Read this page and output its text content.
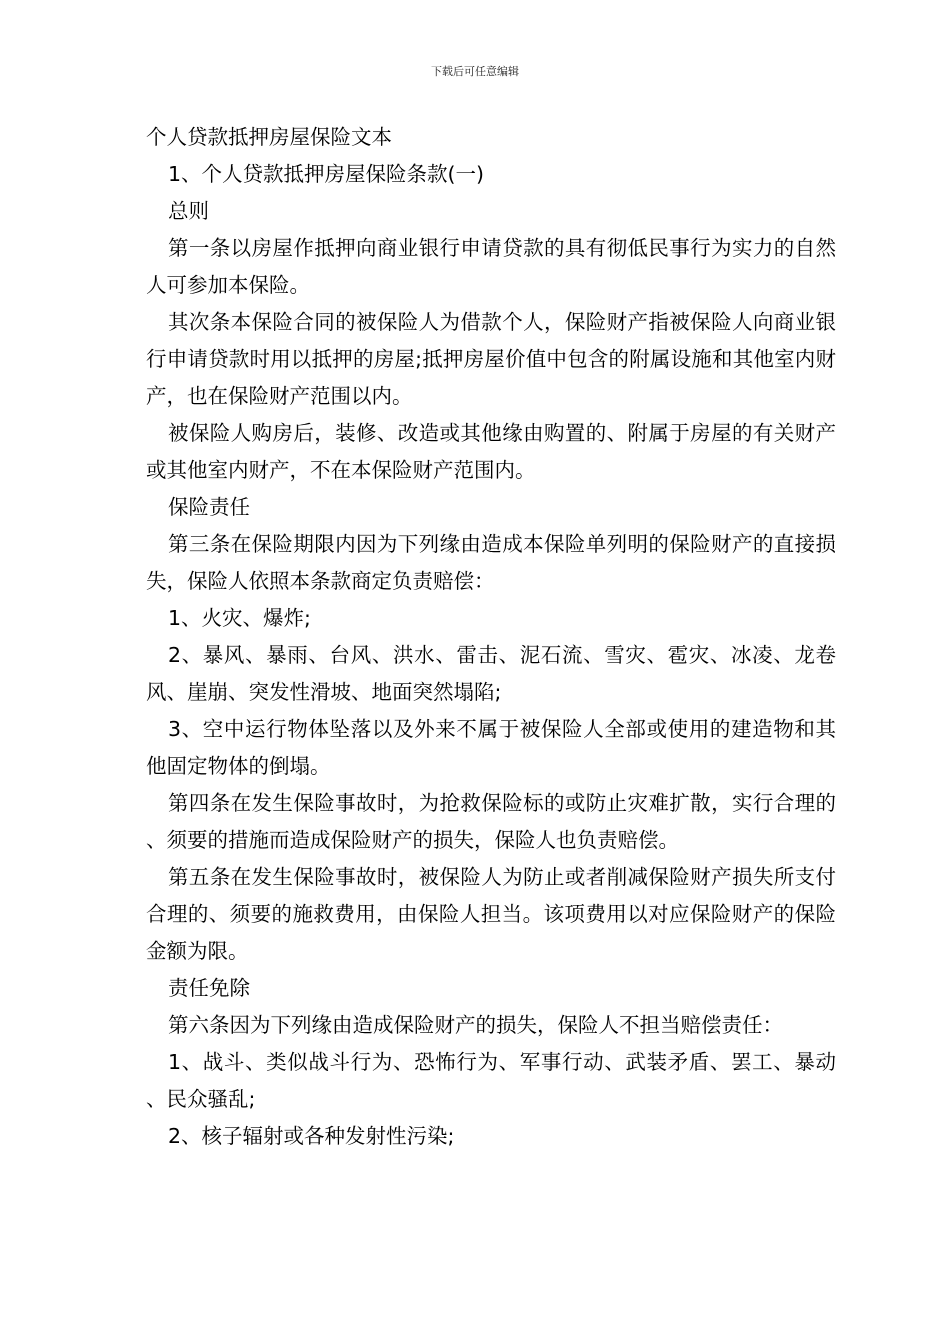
下载后可任意编辑

个人贷款抵押房屋保险文本

1、个人贷款抵押房屋保险条款(一)

总则

第一条以房屋作抵押向商业银行申请贷款的具有彻低民事行为实力的自然人可参加本保险。

其次条本保险合同的被保险人为借款个人，保险财产指被保险人向商业银行申请贷款时用以抵押的房屋;抵押房屋价值中包含的附属设施和其他室内财产，也在保险财产范围以内。

被保险人购房后，装修、改造或其他缘由购置的、附属于房屋的有关财产或其他室内财产，不在本保险财产范围内。

保险责任

第三条在保险期限内因为下列缘由造成本保险单列明的保险财产的直接损失，保险人依照本条款商定负责赔偿：

1、火灾、爆炸;

2、暴风、暴雨、台风、洪水、雷击、泥石流、雪灾、雹灾、冰凌、龙卷风、崖崩、突发性滑坡、地面突然塌陷;

3、空中运行物体坠落以及外来不属于被保险人全部或使用的建造物和其他固定物体的倒塌。

第四条在发生保险事故时，为抢救保险标的或防止灾难扩散，实行合理的、须要的措施而造成保险财产的损失，保险人也负责赔偿。

第五条在发生保险事故时，被保险人为防止或者削减保险财产损失所支付合理的、须要的施救费用，由保险人担当。该项费用以对应保险财产的保险金额为限。

责任免除

第六条因为下列缘由造成保险财产的损失，保险人不担当赔偿责任：

1、战斗、类似战斗行为、恐怖行为、军事行动、武装矛盾、罢工、暴动、民众骚乱;

2、核子辐射或各种发射性污染;
